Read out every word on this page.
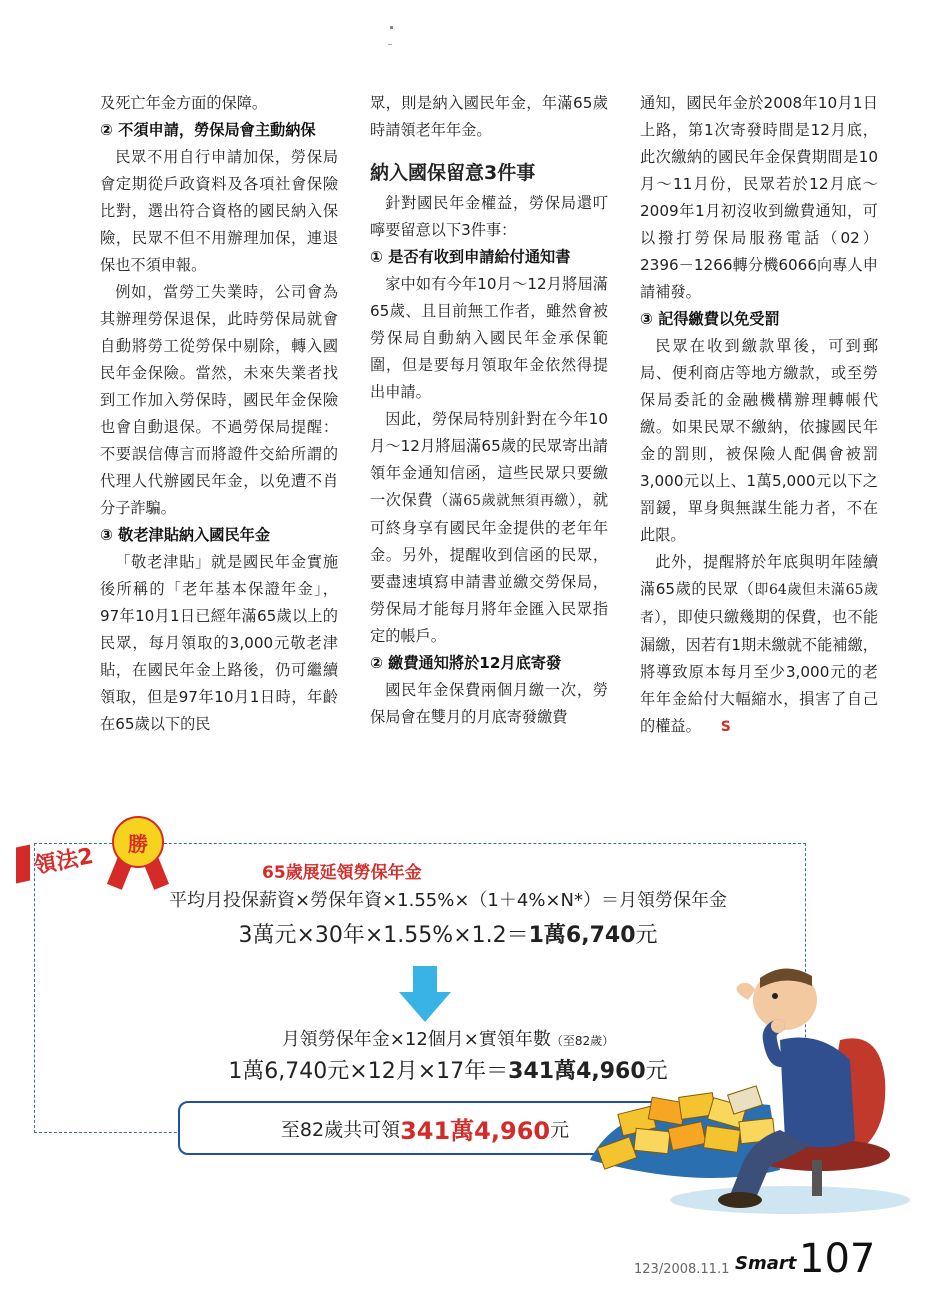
及死亡年金方面的保障。

② 不須申請，勞保局會主動納保

民眾不用自行申請加保，勞保局會定期從戶政資料及各項社會保險比對，選出符合資格的國民納入保險，民眾不但不用辦理加保，連退保也不須申報。

例如，當勞工失業時，公司會為其辦理勞保退保，此時勞保局就會自動將勞工從勞保中剔除，轉入國民年金保險。當然，未來失業者找到工作加入勞保時，國民年金保險也會自動退保。不過勞保局提醒：不要誤信傳言而將證件交給所謂的代理人代辦國民年金，以免遭不肖分子詐騙。

③ 敬老津貼納入國民年金

「敬老津貼」就是國民年金實施後所稱的「老年基本保證年金」，97年10月1日已經年滿65歲以上的民眾，每月領取的3,000元敬老津貼，在國民年金上路後，仍可繼續領取，但是97年10月1日時，年齡在65歲以下的民

眾，則是納入國民年金，年滿65歲時請領老年年金。

納入國保留意3件事

針對國民年金權益，勞保局還叮嚀要留意以下3件事：

① 是否有收到申請給付通知書

家中如有今年10月～12月將屆滿65歲、且目前無工作者，雖然會被勞保局自動納入國民年金承保範圍，但是要每月領取年金依然得提出申請。

因此，勞保局特別針對在今年10月～12月將屆滿65歲的民眾寄出請領年金通知信函，這些民眾只要繳一次保費（滿65歲就無須再繳），就可終身享有國民年金提供的老年年金。另外，提醒收到信函的民眾，要盡速填寫申請書並繳交勞保局，勞保局才能每月將年金匯入民眾指定的帳戶。

② 繳費通知將於12月底寄發

國民年金保費兩個月繳一次，勞保局會在雙月的月底寄發繳費

通知，國民年金於2008年10月1日上路，第1次寄發時間是12月底，此次繳納的國民年金保費期間是10月～11月份，民眾若於12月底～2009年1月初沒收到繳費通知，可以撥打勞保局服務電話（02）2396－1266轉分機6066向專人申請補發。

③ 記得繳費以免受罰

民眾在收到繳款單後，可到郵局、便利商店等地方繳款，或至勞保局委託的金融機構辦理轉帳代繳。如果民眾不繳納，依據國民年金的罰則，被保險人配偶會被罰3,000元以上、1萬5,000元以下之罰鍰，單身與無謀生能力者，不在此限。

此外，提醒將於年底與明年陸續滿65歲的民眾（即64歲但未滿65歲者），即使只繳幾期的保費，也不能漏繳，因若有1期未繳就不能補繳，將導致原本每月至少3,000元的老年年金給付大幅縮水，損害了自己的權益。 S

領法2
勝
65歲展延領勞保年金
平均月投保薪資×勞保年資×1.55%×（1＋4%×N*）＝月領勞保年金
3萬元×30年×1.55%×1.2＝1萬6,740元
月領勞保年金×12個月×實領年數（至82歲）
1萬6,740元×12月×17年＝341萬4,960元
至82歲共可領 341萬4,960 元
123/2008.11.1 Smart 107
